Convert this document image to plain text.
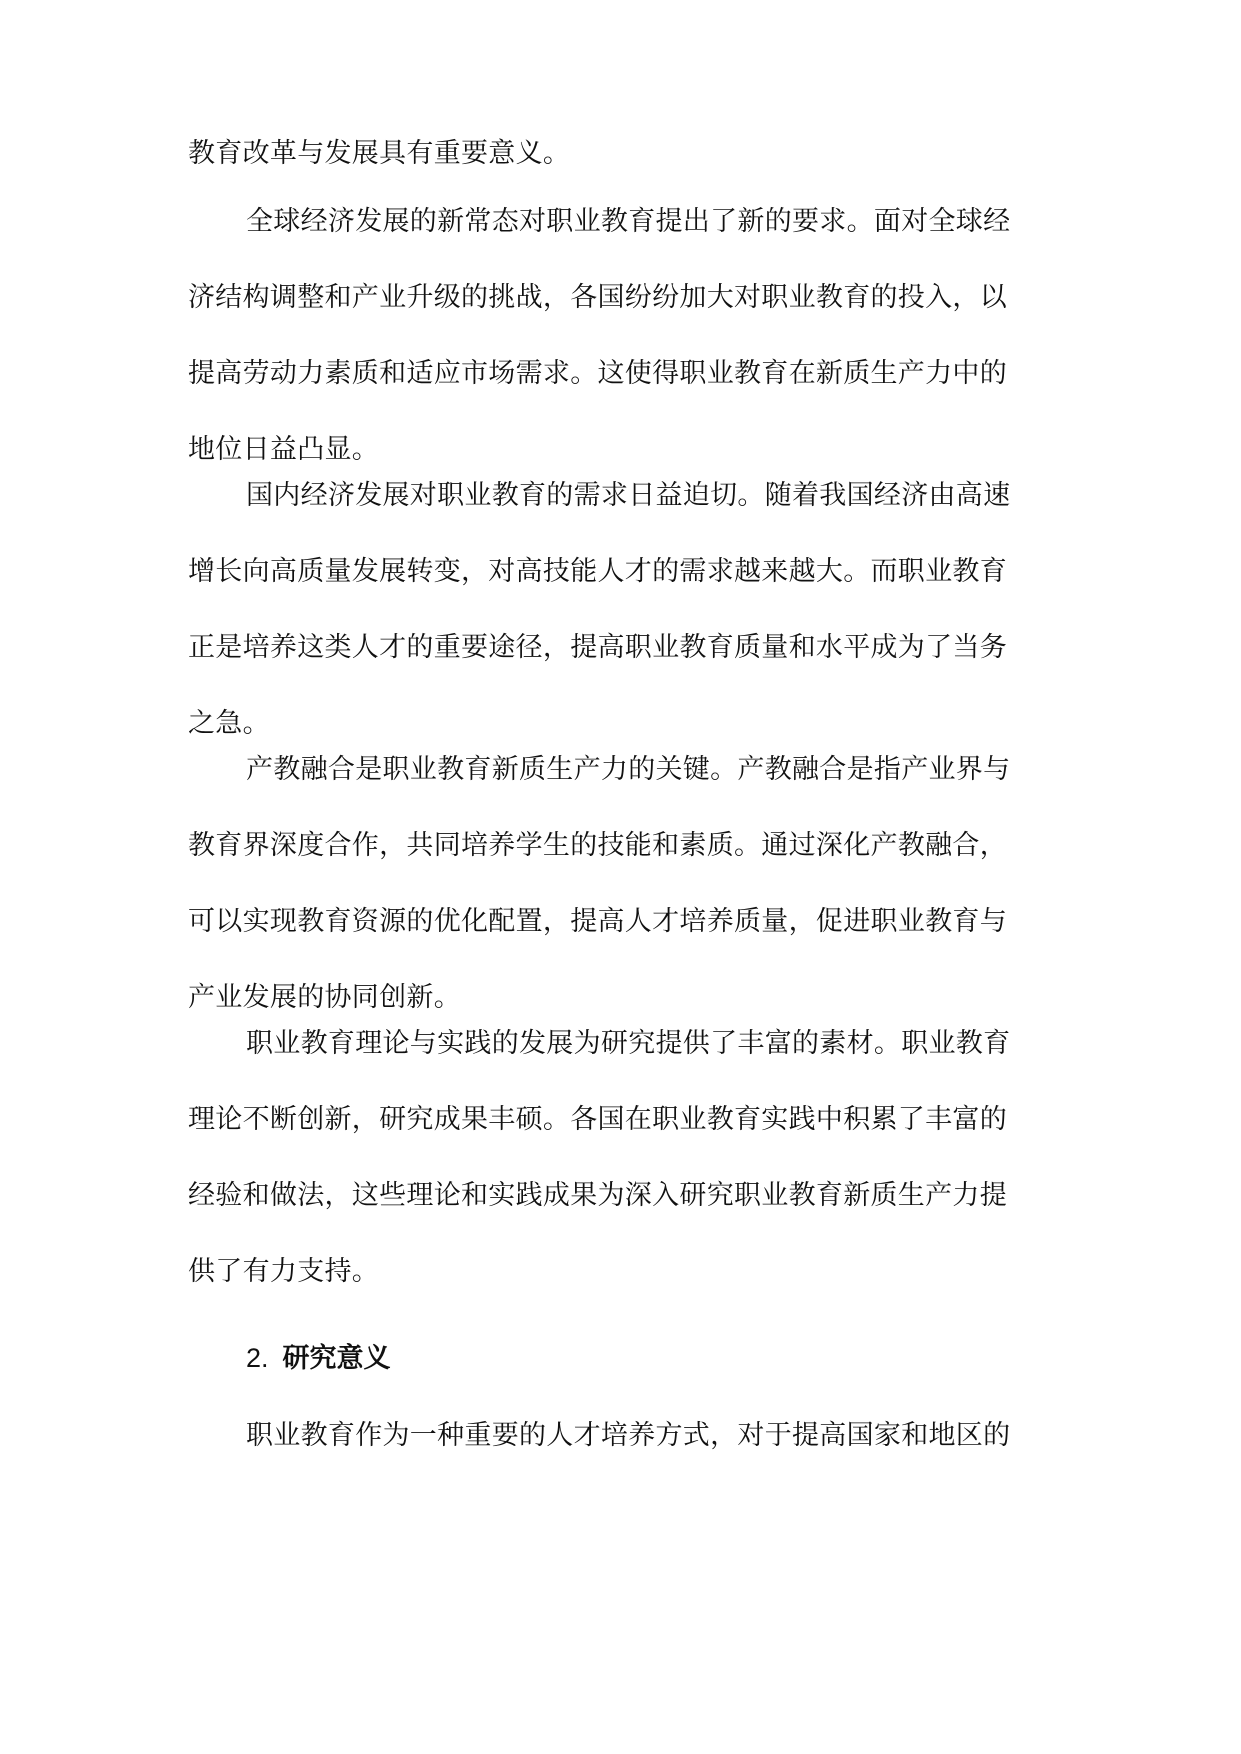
教育改革与发展具有重要意义。
全球经济发展的新常态对职业教育提出了新的要求。面对全球经
济结构调整和产业升级的挑战，各国纷纷加大对职业教育的投入，以
提高劳动力素质和适应市场需求。这使得职业教育在新质生产力中的
地位日益凸显。
国内经济发展对职业教育的需求日益迫切。随着我国经济由高速
增长向高质量发展转变，对高技能人才的需求越来越大。而职业教育
正是培养这类人才的重要途径，提高职业教育质量和水平成为了当务
之急。
产教融合是职业教育新质生产力的关键。产教融合是指产业界与
教育界深度合作，共同培养学生的技能和素质。通过深化产教融合，
可以实现教育资源的优化配置，提高人才培养质量，促进职业教育与
产业发展的协同创新。
职业教育理论与实践的发展为研究提供了丰富的素材。职业教育
理论不断创新，研究成果丰硕。各国在职业教育实践中积累了丰富的
经验和做法，这些理论和实践成果为深入研究职业教育新质生产力提
供了有力支持。
2. 研究意义
职业教育作为一种重要的人才培养方式，对于提高国家和地区的
